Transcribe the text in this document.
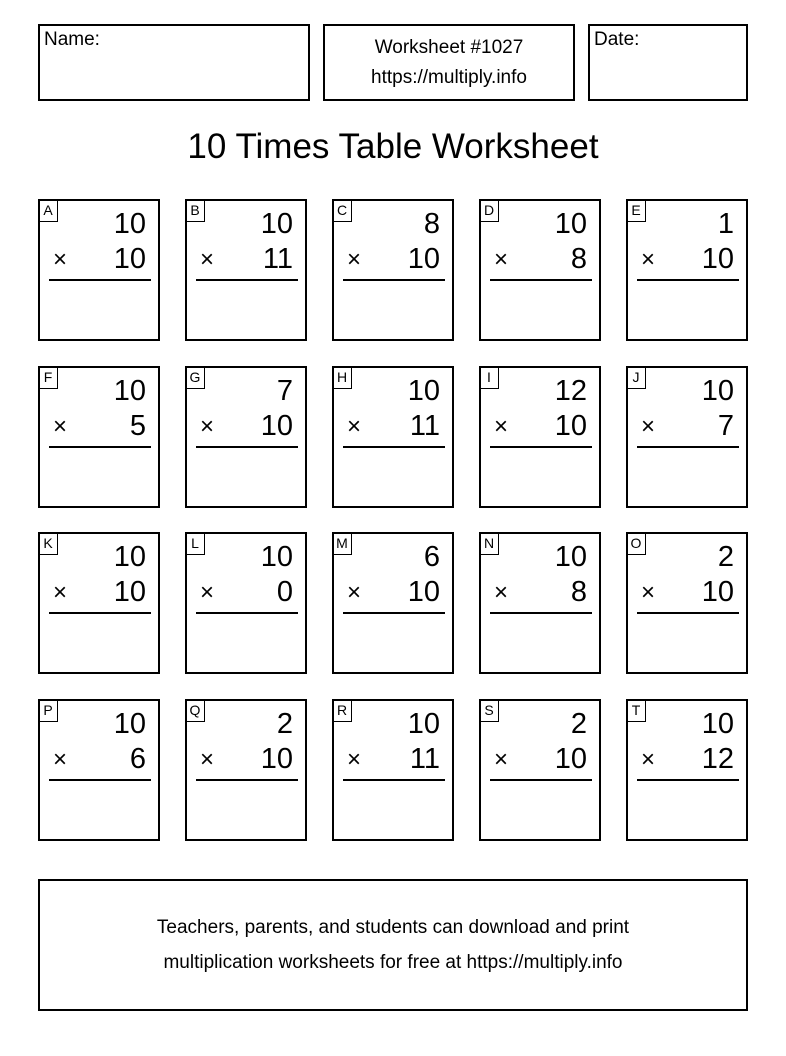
Name:	Worksheet #1027
https://multiply.info
Date:
10 Times Table Worksheet
A 10
× 10
B 10
× 11
C	8
× 10
D 10
× 8
E	1
× 10
F 10
× 5
G	7
× 10
H 10
× 11
I 12
× 10
J 10
× 7
K 10
× 10
L 10
× 0
M	6
× 10
N 10
× 8
O	2
× 10
P 10
× 6
Q	2
× 10
R 10
× 11
S	2
× 10
T 10
× 12
Teachers, parents, and students can download and print
multiplication worksheets for free at https://multiply.info
